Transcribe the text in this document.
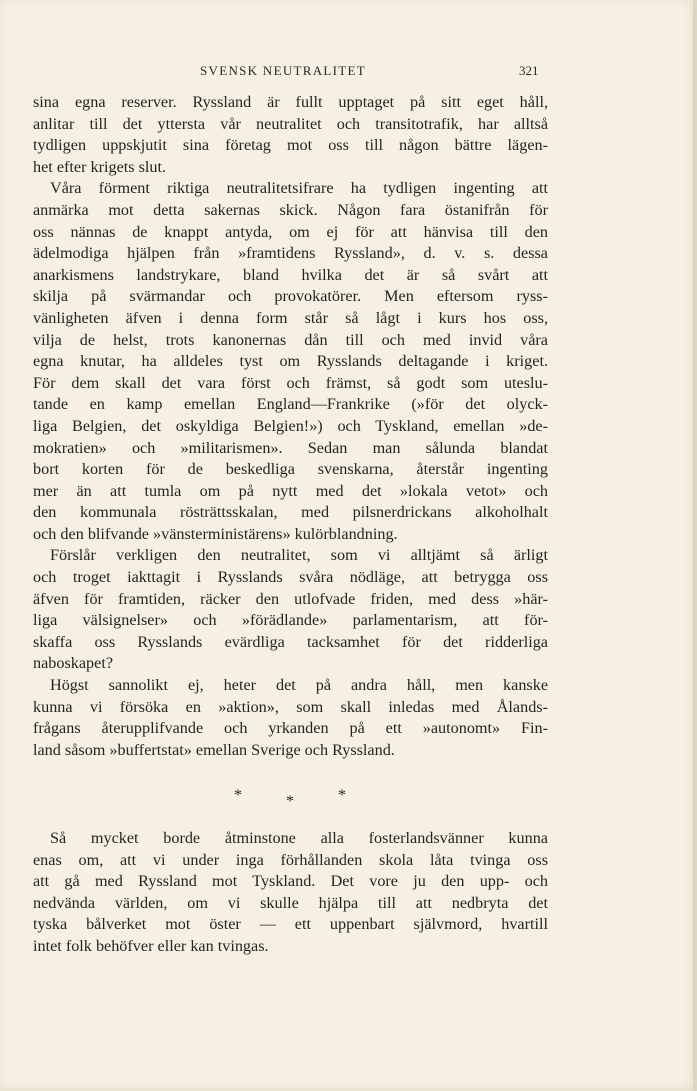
SVENSK NEUTRALITET	321
sina egna reserver. Ryssland är fullt upptaget på sitt eget håll,
anlitar till det yttersta vår neutralitet och transitotrafik, har alltså
tydligen uppskjutit sina företag mot oss till någon bättre lägen-
het efter krigets slut.
Våra förment riktiga neutralitetsifrare ha tydligen ingenting att
anmärka mot detta sakernas skick. Någon fara östanifrån för
oss nännas de knappt antyda, om ej för att hänvisa till den
ädelmodiga hjälpen från »framtidens Ryssland», d. v. s. dessa
anarkismens landstrykare, bland hvilka det är så svårt att
skilja på svärmandar och provokatörer. Men eftersom ryss-
vänligheten äfven i denna form står så lågt i kurs hos oss,
vilja de helst, trots kanonernas dån till och med invid våra
egna knutar, ha alldeles tyst om Rysslands deltagande i kriget.
För dem skall det vara först och främst, så godt som uteslu-
tande en kamp emellan England—Frankrike (»för det olyck-
liga Belgien, det oskyldiga Belgien!») och Tyskland, emellan »de-
mokratien» och »militarismen». Sedan man sålunda blandat
bort korten för de beskedliga svenskarna, återstår ingenting
mer än att tumla om på nytt med det »lokala vetot» och
den kommunala rösträttsskalan, med pilsnerdrickans alkoholhalt
och den blifvande »vänsterministärens» kulörblandning.
Förslår verkligen den neutralitet, som vi alltjämt så ärligt
och troget iakttagit i Rysslands svåra nödläge, att betrygga oss
äfven för framtiden, räcker den utlofvade friden, med dess »här-
liga välsignelser» och »förädlande» parlamentarism, att för-
skaffa oss Rysslands evärdliga tacksamhet för det ridderliga
naboskapet?
Högst sannolikt ej, heter det på andra håll, men kanske
kunna vi försöka en »aktion», som skall inledas med Ålands-
frågans återupplifvande och yrkanden på ett »autonomt» Fin-
land såsom »buffertstat» emellan Sverige och Ryssland.
*	*	*
Så mycket borde åtminstone alla fosterlandsvänner kunna
enas om, att vi under inga förhållanden skola låta tvinga oss
att gå med Ryssland mot Tyskland. Det vore ju den upp- och
nedvända världen, om vi skulle hjälpa till att nedbryta det
tyska bålverket mot öster — ett uppenbart självmord, hvartill
intet folk behöfver eller kan tvingas.
